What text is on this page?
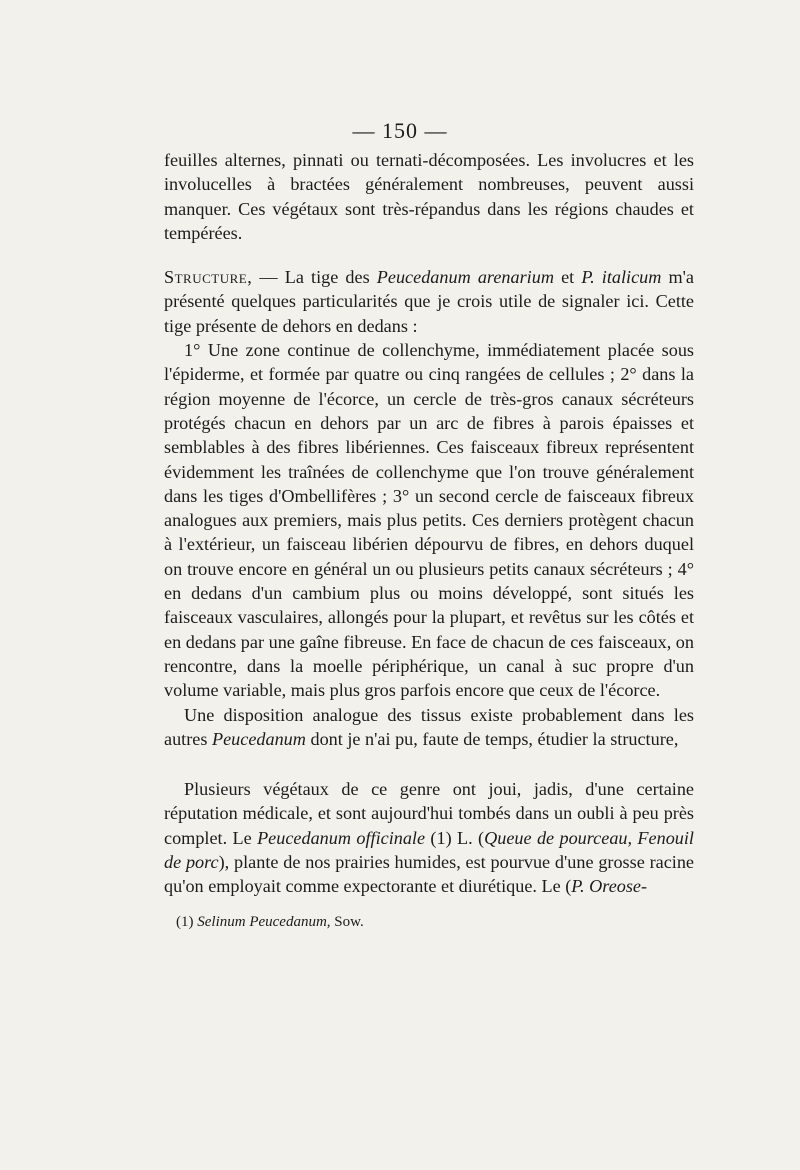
— 150 —

feuilles alternes, pinnati ou ternati-décomposées. Les involucres et les involucelles à bractées généralement nombreuses, peuvent aussi manquer. Ces végétaux sont très-répandus dans les régions chaudes et tempérées.

Structure, — La tige des Peucedanum arenarium et P. italicum m'a présenté quelques particularités que je crois utile de signaler ici. Cette tige présente de dehors en dedans :

1° Une zone continue de collenchyme, immédiatement placée sous l'épiderme, et formée par quatre ou cinq rangées de cellules ; 2° dans la région moyenne de l'écorce, un cercle de très-gros canaux sécréteurs protégés chacun en dehors par un arc de fibres à parois épaisses et semblables à des fibres libériennes. Ces faisceaux fibreux représentent évidemment les traînées de collenchyme que l'on trouve généralement dans les tiges d'Ombellifères ; 3° un second cercle de faisceaux fibreux analogues aux premiers, mais plus petits. Ces derniers protègent chacun à l'extérieur, un faisceau libérien dépourvu de fibres, en dehors duquel on trouve encore en général un ou plusieurs petits canaux sécréteurs ; 4° en dedans d'un cambium plus ou moins développé, sont situés les faisceaux vasculaires, allongés pour la plupart, et revêtus sur les côtés et en dedans par une gaîne fibreuse. En face de chacun de ces faisceaux, on rencontre, dans la moelle périphérique, un canal à suc propre d'un volume variable, mais plus gros parfois encore que ceux de l'écorce.

Une disposition analogue des tissus existe probablement dans les autres Peucedanum dont je n'ai pu, faute de temps, étudier la structure,

Plusieurs végétaux de ce genre ont joui, jadis, d'une certaine réputation médicale, et sont aujourd'hui tombés dans un oubli à peu près complet. Le Peucedanum officinale (1) L. (Queue de pourceau, Fenouil de porc), plante de nos prairies humides, est pourvue d'une grosse racine qu'on employait comme expectorante et diurétique. Le (P. Oreose-

(1) Selinum Peucedanum, Sow.
